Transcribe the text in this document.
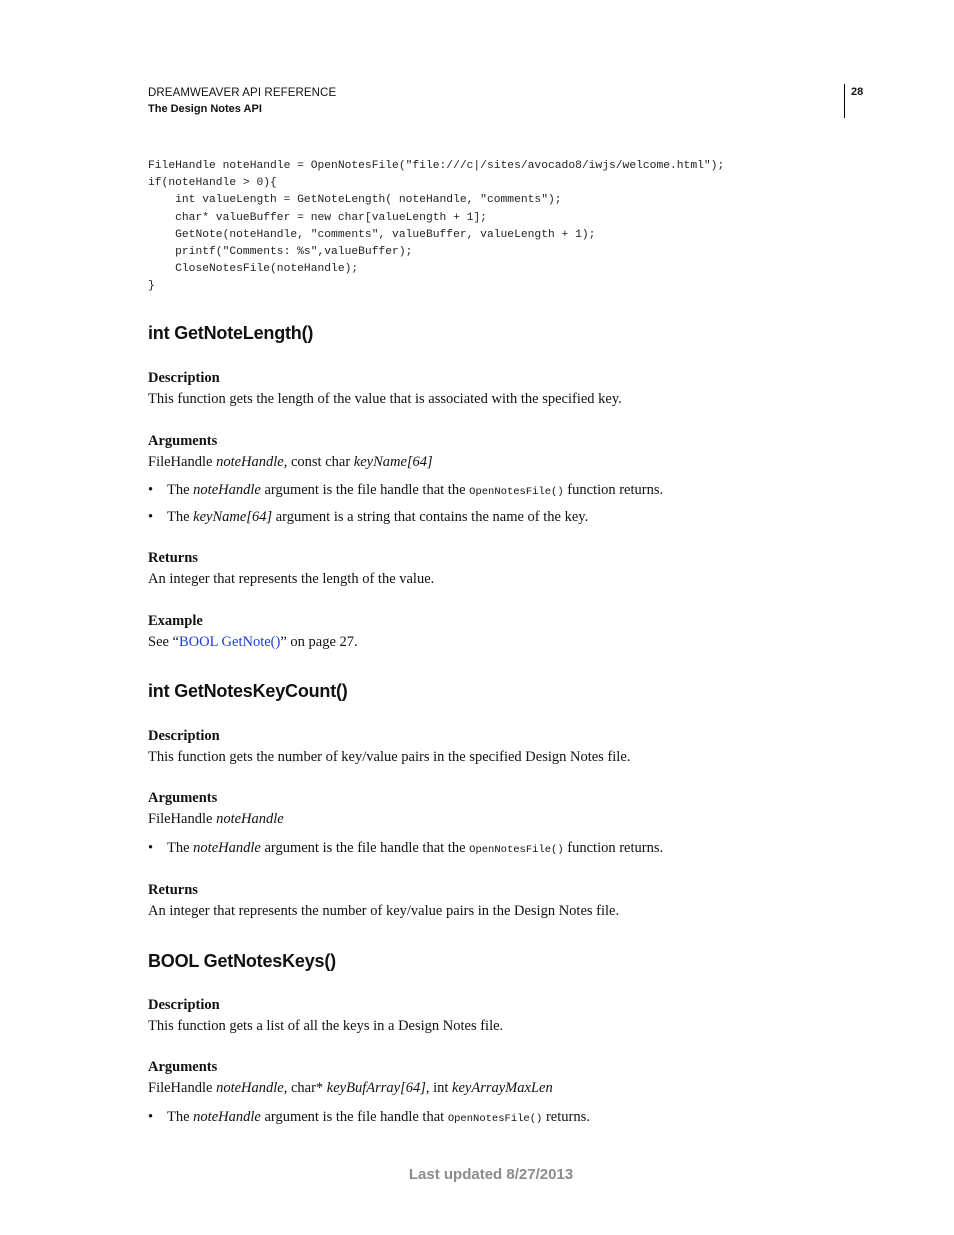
DREAMWEAVER API REFERENCE
The Design Notes API
28
FileHandle noteHandle = OpenNotesFile("file:///c|/sites/avocado8/iwjs/welcome.html");
if(noteHandle > 0){
int valueLength = GetNoteLength( noteHandle, "comments");
char* valueBuffer = new char[valueLength + 1];
GetNote(noteHandle, "comments", valueBuffer, valueLength + 1);
printf("Comments: %s",valueBuffer);
CloseNotesFile(noteHandle);
}
int GetNoteLength()
Description
This function gets the length of the value that is associated with the specified key.
Arguments
FileHandle noteHandle, const char keyName[64]
• The noteHandle argument is the file handle that the OpenNotesFile() function returns.
• The keyName[64] argument is a string that contains the name of the key.
Returns
An integer that represents the length of the value.
Example
See “BOOL GetNote()” on page 27.
int GetNotesKeyCount()
Description
This function gets the number of key/value pairs in the specified Design Notes file.
Arguments
FileHandle noteHandle
• The noteHandle argument is the file handle that the OpenNotesFile() function returns.
Returns
An integer that represents the number of key/value pairs in the Design Notes file.
BOOL GetNotesKeys()
Description
This function gets a list of all the keys in a Design Notes file.
Arguments
FileHandle noteHandle, char* keyBufArray[64], int keyArrayMaxLen
• The noteHandle argument is the file handle that OpenNotesFile() returns.
Last updated 8/27/2013
